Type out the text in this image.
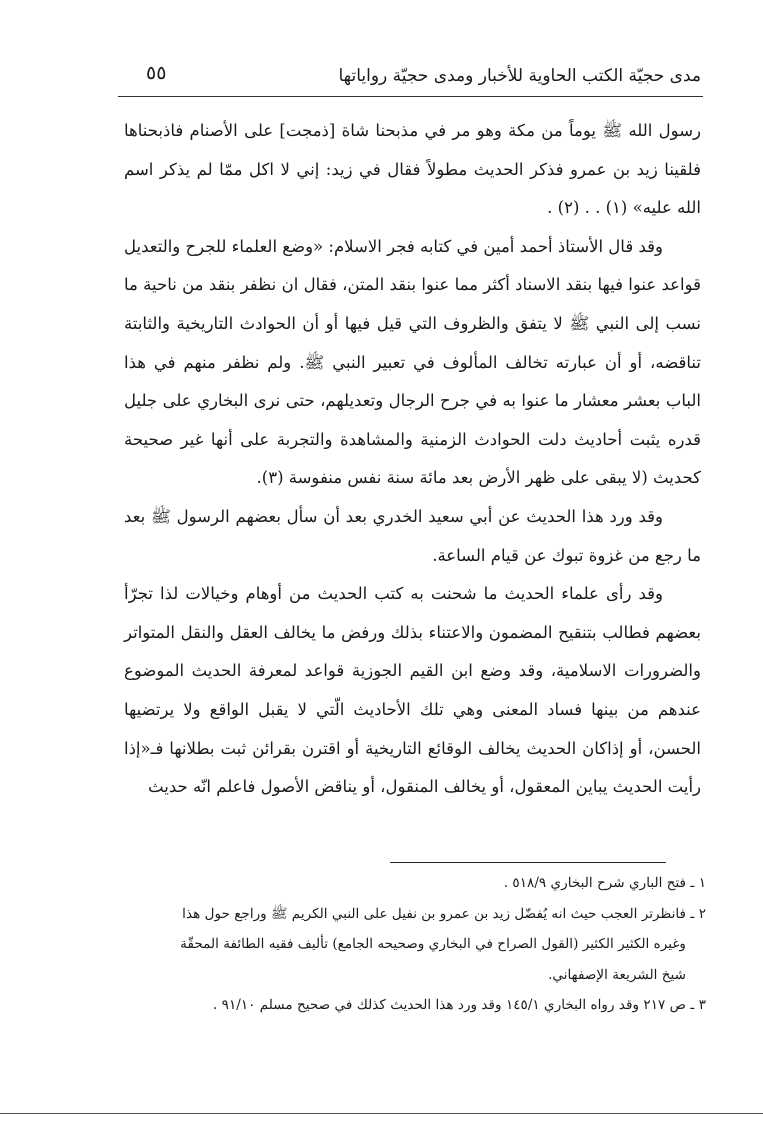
٥٥	مدى حجيّة الكتب الحاوية للأخبار ومدى حجيّة رواياتها

رسول الله ﷺ يوماً من مكة وهو مر في مذبحنا شاة [ذمجت] على الأصنام فاذبحناها فلقينا زيد بن عمرو فذكر الحديث مطولاً فقال في زيد: إني لا اكل ممّا لم يذكر اسم الله عليه» (١) . . (٢) .

وقد قال الأستاذ أحمد أمين في كتابه فجر الاسلام: «وضع العلماء للجرح والتعديل قواعد عنوا فيها بنقد الاسناد أكثر مما عنوا بنقد المتن، فقال ان نظفر بنقد من ناحية ما نسب إلى النبي ﷺ لا يتفق والظروف التي قيل فيها أو أن الحوادث التاريخية والثابتة تناقضه، أو أن عبارته تخالف المألوف في تعبير النبي ﷺ. ولم نظفر منهم في هذا الباب بعشر معشار ما عنوا به في جرح الرجال وتعديلهم، حتى نرى البخاري على جليل قدره يثبت أحاديث دلت الحوادث الزمنية والمشاهدة والتجربة على أنها غير صحيحة كحديث (لا يبقى على ظهر الأرض بعد مائة سنة نفس منفوسة (٣).

وقد ورد هذا الحديث عن أبي سعيد الخدري بعد أن سأل بعضهم الرسول ﷺ بعد ما رجع من غزوة تبوك عن قيام الساعة.

وقد رأى علماء الحديث ما شحنت به كتب الحديث من أوهام وخيالات لذا تجرّأ بعضهم فطالب بتنقيح المضمون والاعتناء بذلك ورفض ما يخالف العقل والنقل المتواتر والضرورات الاسلامية، وقد وضع ابن القيم الجوزية قواعد لمعرفة الحديث الموضوع عندهم من بينها فساد المعنى وهي تلك الأحاديث الّتي لا يقبل الواقع ولا يرتضيها الحسن، أو إذاكان الحديث يخالف الوقائع التاريخية أو اقترن بقرائن ثبت بطلانها فـ«إذا رأيت الحديث يباين المعقول، أو يخالف المنقول، أو يناقض الأصول فاعلم انّه حديث

١ ـ فتح الباري شرح البخاري ٥١٨/٩ .

٢ ـ فانظرتر العجب حيث انه يُفضّل زيد بن عمرو بن نفيل على النبي الكريم ﷺ وراجع حول هذا

وغيره الكثير الكثير (القول الصراح في البخاري وصحيحه الجامع) تأليف فقيه الطائفة المحقّة

شيخ الشريعة الإصفهاني.

٣ ـ ص ٢١٧ وقد رواه البخاري ١٤٥/١ وقد ورد هذا الحديث كذلك في صحيح مسلم ٩١/١٠ .
